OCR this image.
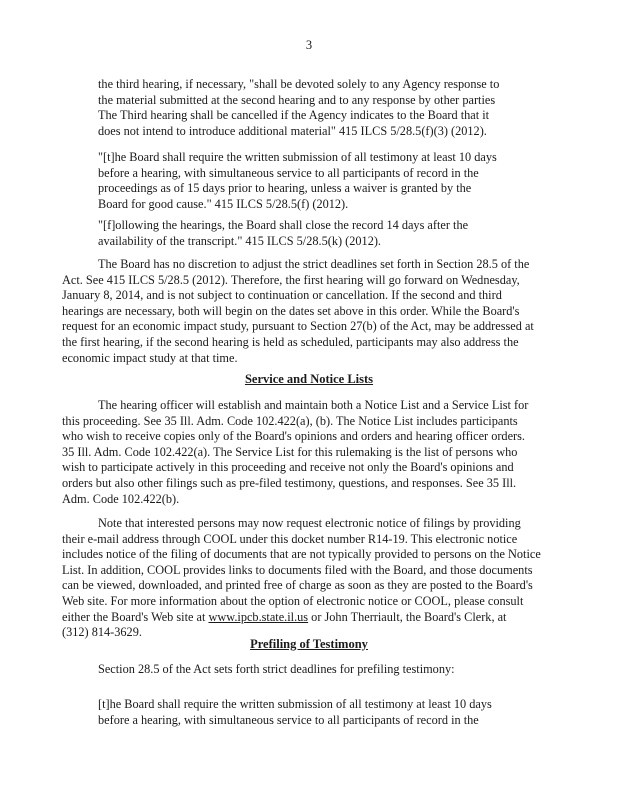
3
the third hearing, if necessary, "shall be devoted solely to any Agency response to
the material submitted at the second hearing and to any response by other parties
The Third hearing shall be cancelled if the Agency indicates to the Board that it
does not intend to introduce additional material" 415 ILCS 5/28.5(f)(3) (2012).
"[t]he Board shall require the written submission of all testimony at least 10 days
before a hearing, with simultaneous service to all participants of record in the
proceedings as of 15 days prior to hearing, unless a waiver is granted by the
Board for good cause." 415 ILCS 5/28.5(f) (2012).
"[f]ollowing the hearings, the Board shall close the record 14 days after the
availability of the transcript." 415 ILCS 5/28.5(k) (2012).
The Board has no discretion to adjust the strict deadlines set forth in Section 28.5 of the
Act. See 415 ILCS 5/28.5 (2012). Therefore, the first hearing will go forward on Wednesday,
January 8, 2014, and is not subject to continuation or cancellation. If the second and third
hearings are necessary, both will begin on the dates set above in this order. While the Board's
request for an economic impact study, pursuant to Section 27(b) of the Act, may be addressed at
the first hearing, if the second hearing is held as scheduled, participants may also address the
economic impact study at that time.
Service and Notice Lists
The hearing officer will establish and maintain both a Notice List and a Service List for
this proceeding. See 35 Ill. Adm. Code 102.422(a), (b). The Notice List includes participants
who wish to receive copies only of the Board's opinions and orders and hearing officer orders.
35 Ill. Adm. Code 102.422(a). The Service List for this rulemaking is the list of persons who
wish to participate actively in this proceeding and receive not only the Board's opinions and
orders but also other filings such as pre-filed testimony, questions, and responses. See 35 Ill.
Adm. Code 102.422(b).
Note that interested persons may now request electronic notice of filings by providing
their e-mail address through COOL under this docket number R14-19. This electronic notice
includes notice of the filing of documents that are not typically provided to persons on the Notice
List. In addition, COOL provides links to documents filed with the Board, and those documents
can be viewed, downloaded, and printed free of charge as soon as they are posted to the Board's
Web site. For more information about the option of electronic notice or COOL, please consult
either the Board's Web site at www.ipcb.state.il.us or John Therriault, the Board's Clerk, at
(312) 814-3629.
Prefiling of Testimony
Section 28.5 of the Act sets forth strict deadlines for prefiling testimony:
[t]he Board shall require the written submission of all testimony at least 10 days
before a hearing, with simultaneous service to all participants of record in the
